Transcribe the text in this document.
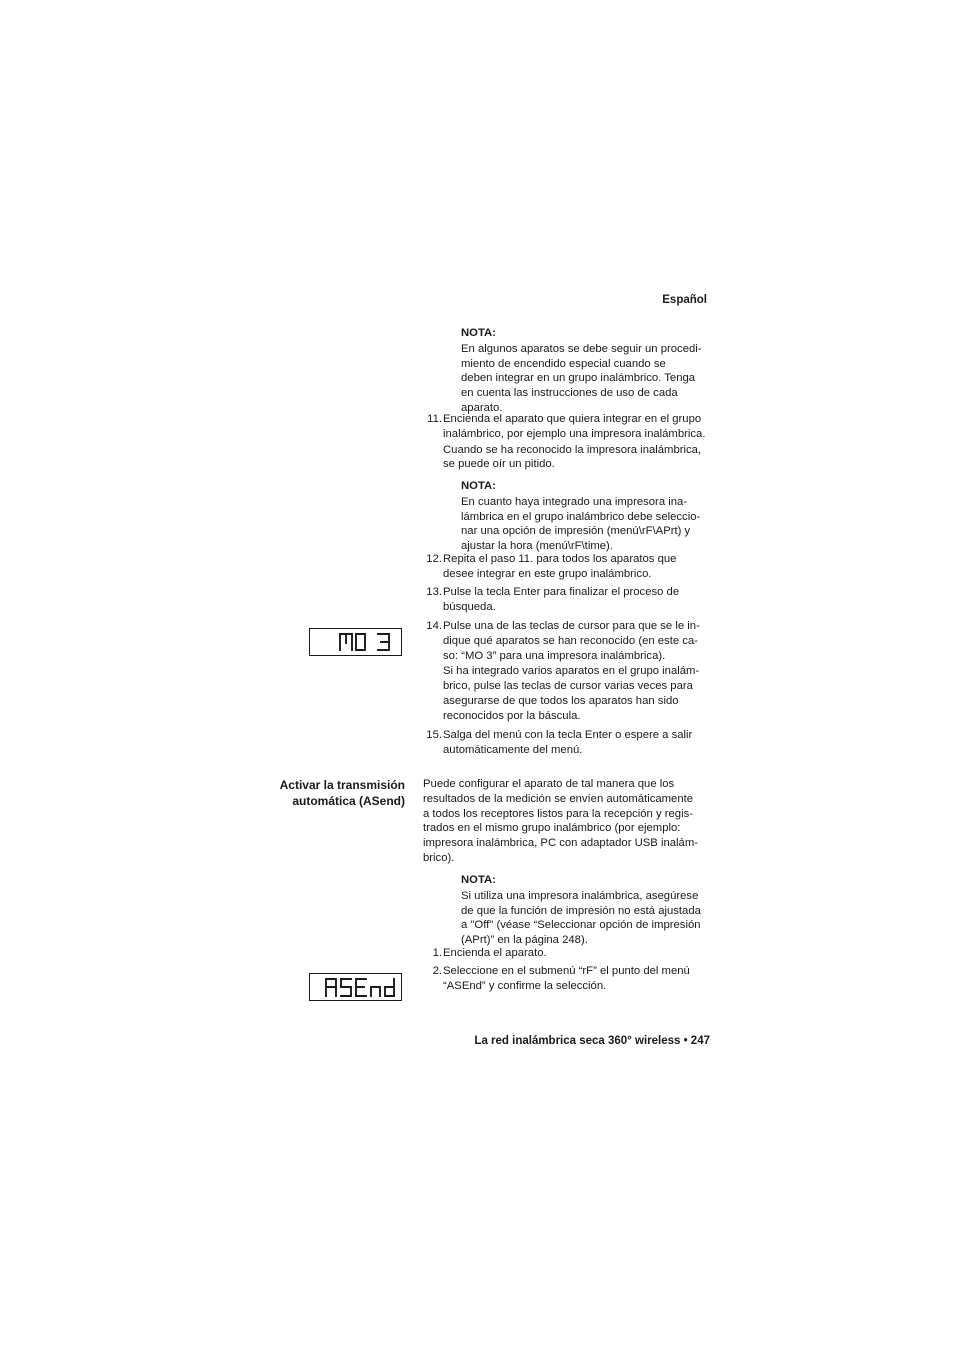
Español
NOTA:
En algunos aparatos se debe seguir un procedi-
miento de encendido especial cuando se
deben integrar en un grupo inalámbrico. Tenga
en cuenta las instrucciones de uso de cada
aparato.
11. Encienda el aparato que quiera integrar en el grupo
inalámbrico, por ejemplo una impresora inalámbrica.
Cuando se ha reconocido la impresora inalámbrica,
se puede oír un pitido.
NOTA:
En cuanto haya integrado una impresora ina-
lámbrica en el grupo inalámbrico debe seleccio-
nar una opción de impresión (menú\rF\APrt) y
ajustar la hora (menú\rF\time).
12. Repita el paso 11. para todos los aparatos que
desee integrar en este grupo inalámbrico.
13. Pulse la tecla Enter para finalizar el proceso de
búsqueda.
14. Pulse una de las teclas de cursor para que se le in-
dique qué aparatos se han reconocido (en este ca-
so: “MO 3” para una impresora inalámbrica).
Si ha integrado varios aparatos en el grupo inalám-
brico, pulse las teclas de cursor varias veces para
asegurarse de que todos los aparatos han sido
reconocidos por la báscula.
15. Salga del menú con la tecla Enter o espere a salir
automáticamente del menú.
Activar la transmisión
automática (ASend)
Puede configurar el aparato de tal manera que los
resultados de la medición se envíen automáticamente
a todos los receptores listos para la recepción y regis-
trados en el mismo grupo inalámbrico (por ejemplo:
impresora inalámbrica, PC con adaptador USB inalám-
brico).
NOTA:
Si utiliza una impresora inalámbrica, asegúrese
de que la función de impresión no está ajustada
a "Off" (véase “Seleccionar opción de impresión
(APrt)” en la página 248).
1. Encienda el aparato.
2. Seleccione en el submenú “rF” el punto del menú
“ASEnd” y confirme la selección.
La red inalámbrica seca 360° wireless • 247
